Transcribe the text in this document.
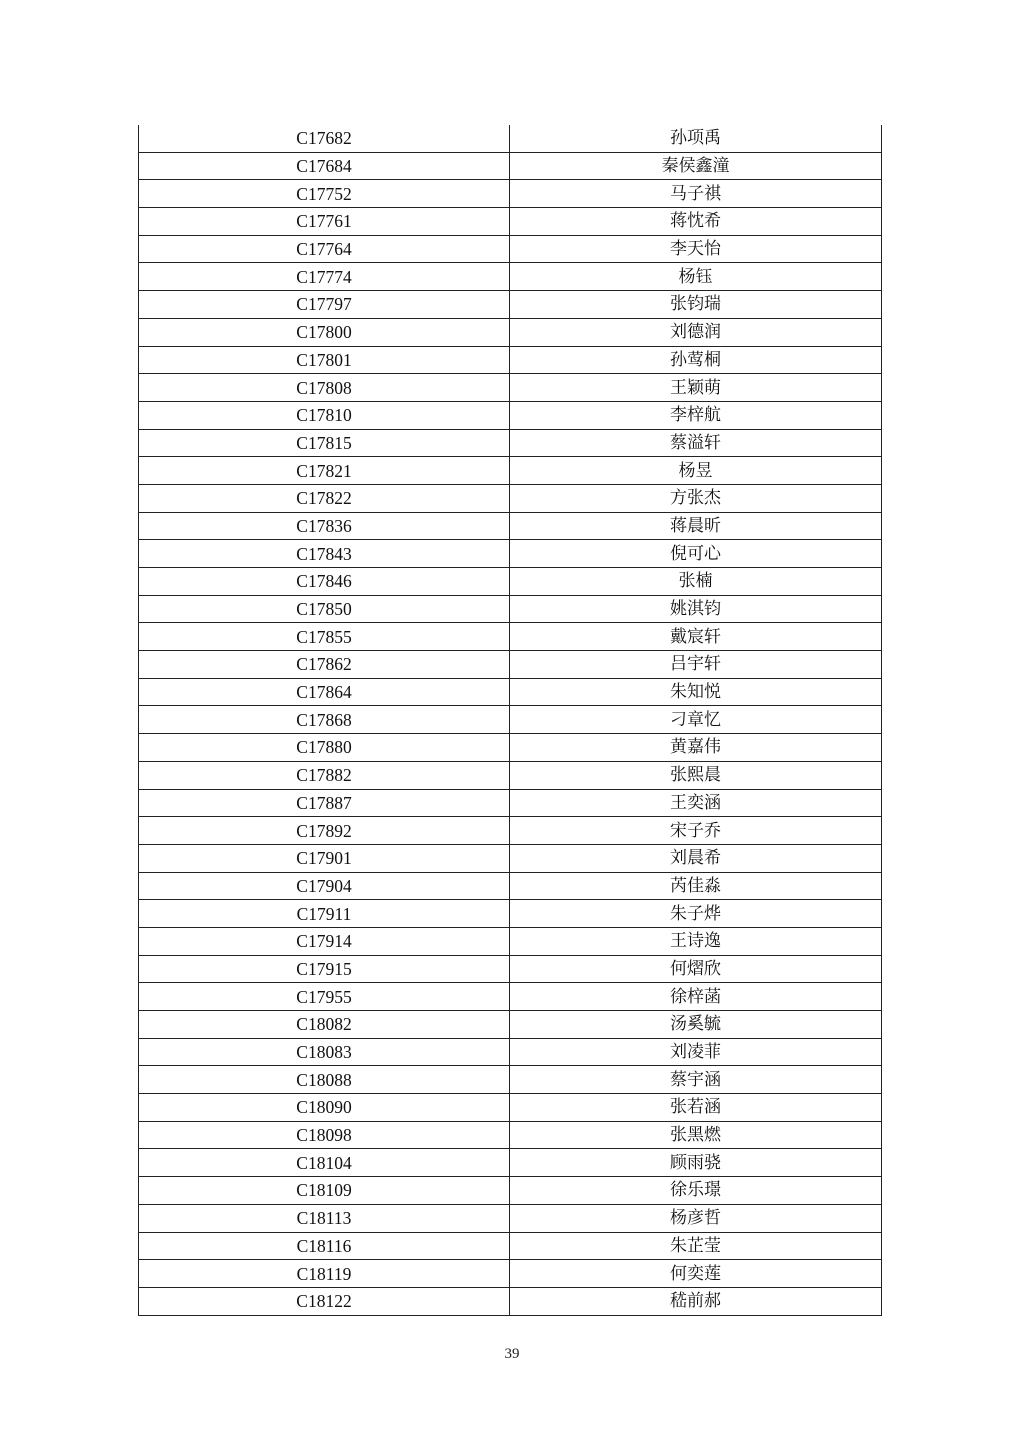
C17682	孙项禹
C17684	秦侯鑫潼
C17752	马子祺
C17761	蒋忱希
C17764	李天怡
C17774	杨钰
C17797	张钧瑞
C17800	刘德润
C17801	孙莺桐
C17808	王颖萌
C17810	李梓航
C17815	蔡溢轩
C17821	杨昱
C17822	方张杰
C17836	蒋晨昕
C17843	倪可心
C17846	张楠
C17850	姚淇钧
C17855	戴宸轩
C17862	吕宇轩
C17864	朱知悦
C17868	刁章忆
C17880	黄嘉伟
C17882	张熙晨
C17887	王奕涵
C17892	宋子乔
C17901	刘晨希
C17904	芮佳淼
C17911	朱子烨
C17914	王诗逸
C17915	何熠欣
C17955	徐梓菡
C18082	汤奚毓
C18083	刘凌菲
C18088	蔡宇涵
C18090	张若涵
C18098	张黑燃
C18104	顾雨骁
C18109	徐乐璟
C18113	杨彦哲
C18116	朱芷莹
C18119	何奕莲
C18122	嵇前郝
39
